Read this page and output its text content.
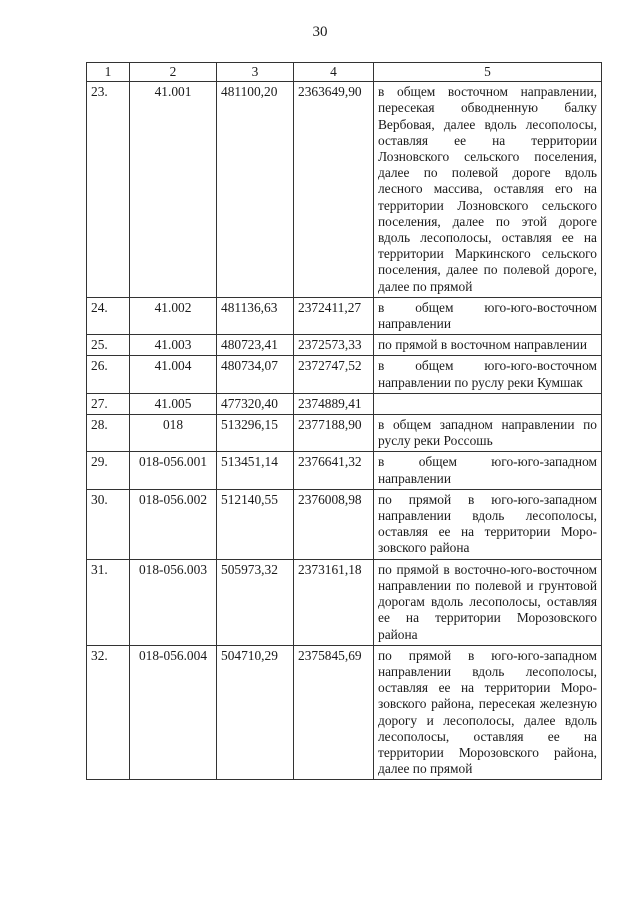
30
1	2	3	4	5
23.	41.001	481100,20	2363649,90	в общем восточном направлении, пересекая обводненную балку Вербовая, далее вдоль лесополосы, оставляя ее на территории Лозновского сельского поселения, далее по полевой дороге вдоль лесного массива, оставляя его на территории Лозновского сельского поселения, далее по этой дороге вдоль лесополосы, оставляя ее на территории Маркинского сельского поселения, далее по полевой дороге, далее по прямой
24.	41.002	481136,63	2372411,27	в общем юго-юго-восточном направлении
25.	41.003	480723,41	2372573,33	по прямой в восточном направлении
26.	41.004	480734,07	2372747,52	в общем юго-юго-восточном направлении по руслу реки Кумшак
27.	41.005	477320,40	2374889,41	
28.	018	513296,15	2377188,90	в общем западном направлении по руслу реки Россошь
29.	018-056.001	513451,14	2376641,32	в общем юго-юго-западном направлении
30.	018-056.002	512140,55	2376008,98	по прямой в юго-юго-западном направлении вдоль лесополосы, оставляя ее на территории Морозовского района
31.	018-056.003	505973,32	2373161,18	по прямой в восточно-юго-восточном направлении по полевой и грунтовой дорогам вдоль лесополосы, оставляя ее на территории Морозовского района
32.	018-056.004	504710,29	2375845,69	по прямой в юго-юго-западном направлении вдоль лесополосы, оставляя ее на территории Морозовского района, пересекая железную дорогу и лесополосы, далее вдоль лесополосы, оставляя ее на территории Морозовского района, далее по прямой
